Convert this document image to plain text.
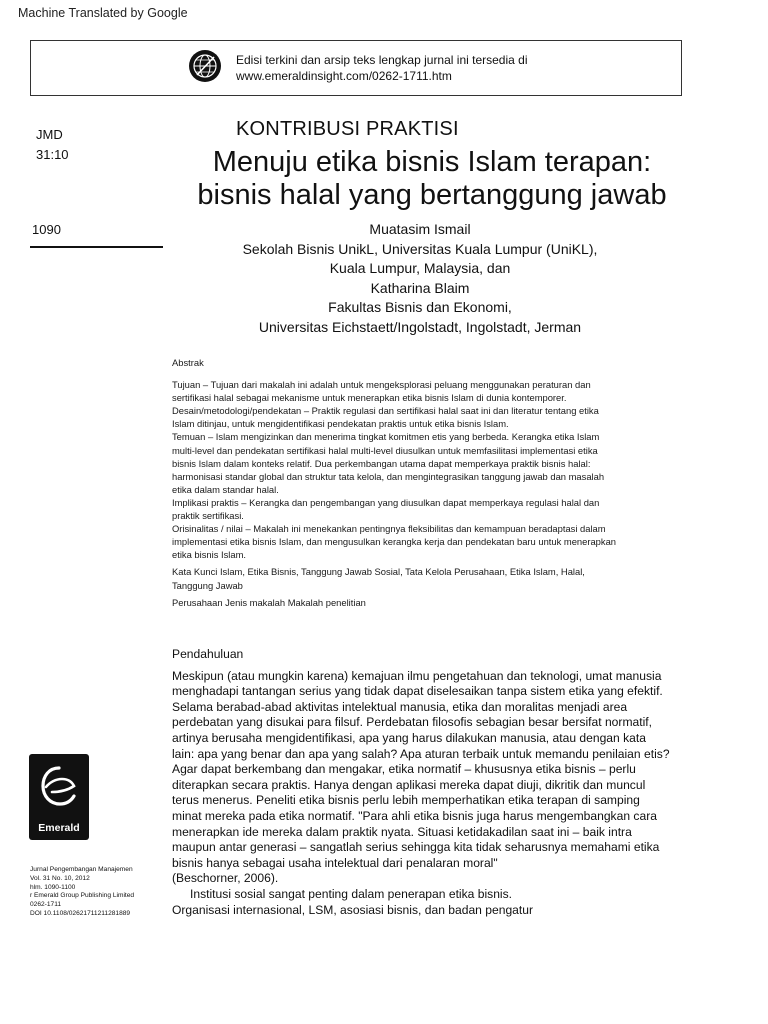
Machine Translated by Google
Edisi terkini dan arsip teks lengkap jurnal ini tersedia di
www.emeraldinsight.com/0262-1711.htm
JMD
31:10
1090
KONTRIBUSI PRAKTISI
Menuju etika bisnis Islam terapan:
bisnis halal yang bertanggung jawab
Muatasim Ismail
Sekolah Bisnis UnikL, Universitas Kuala Lumpur (UniKL),
Kuala Lumpur, Malaysia, dan
Katharina Blaim
Fakultas Bisnis dan Ekonomi,
Universitas Eichstaett/Ingolstadt, Ingolstadt, Jerman

Abstrak

Tujuan – Tujuan dari makalah ini adalah untuk mengeksplorasi peluang menggunakan peraturan dan

sertifikasi halal sebagai mekanisme untuk menerapkan etika bisnis Islam di dunia kontemporer.

Desain/metodologi/pendekatan – Praktik regulasi dan sertifikasi halal saat ini dan literatur tentang etika

Islam ditinjau, untuk mengidentifikasi pendekatan praktis untuk etika bisnis Islam.

Temuan – Islam mengizinkan dan menerima tingkat komitmen etis yang berbeda. Kerangka etika Islam

multi-level dan pendekatan sertifikasi halal multi-level diusulkan untuk memfasilitasi implementasi etika

bisnis Islam dalam konteks relatif. Dua perkembangan utama dapat memperkaya praktik bisnis halal:

harmonisasi standar global dan struktur tata kelola, dan mengintegrasikan tanggung jawab dan masalah

etika dalam standar halal.

Implikasi praktis – Kerangka dan pengembangan yang diusulkan dapat memperkaya regulasi halal dan

praktik sertifikasi.

Orisinalitas / nilai – Makalah ini menekankan pentingnya fleksibilitas dan kemampuan beradaptasi dalam

implementasi etika bisnis Islam, dan mengusulkan kerangka kerja dan pendekatan baru untuk menerapkan

etika bisnis Islam.

Kata Kunci Islam, Etika Bisnis, Tanggung Jawab Sosial, Tata Kelola Perusahaan, Etika Islam, Halal,

Tanggung Jawab

Perusahaan Jenis makalah Makalah penelitian

Pendahuluan

Meskipun (atau mungkin karena) kemajuan ilmu pengetahuan dan teknologi, umat manusia

menghadapi tantangan serius yang tidak dapat diselesaikan tanpa sistem etika yang efektif.

Selama berabad-abad aktivitas intelektual manusia, etika dan moralitas menjadi area

perdebatan yang disukai para filsuf. Perdebatan filosofis sebagian besar bersifat normatif,

artinya berusaha mengidentifikasi, apa yang harus dilakukan manusia, atau dengan kata

lain: apa yang benar dan apa yang salah? Apa aturan terbaik untuk memandu penilaian etis?

Agar dapat berkembang dan mengakar, etika normatif – khususnya etika bisnis – perlu

diterapkan secara praktis. Hanya dengan aplikasi mereka dapat diuji, dikritik dan muncul

terus menerus. Peneliti etika bisnis perlu lebih memperhatikan etika terapan di samping

minat mereka pada etika normatif. "Para ahli etika bisnis juga harus mengembangkan cara

menerapkan ide mereka dalam praktik nyata. Situasi ketidakadilan saat ini – baik intra

maupun antar generasi – sangatlah serius sehingga kita tidak seharusnya memahami etika

bisnis hanya sebagai usaha intelektual dari penalaran moral"

(Beschorner, 2006).

Institusi sosial sangat penting dalam penerapan etika bisnis.

Organisasi internasional, LSM, asosiasi bisnis, dan badan pengatur

Emerald
Jurnal Pengembangan Manajemen
Vol. 31 No. 10, 2012
hlm. 1090-1100
r Emerald Group Publishing Limited
0262-1711
DOI 10.1108/02621711211281889
